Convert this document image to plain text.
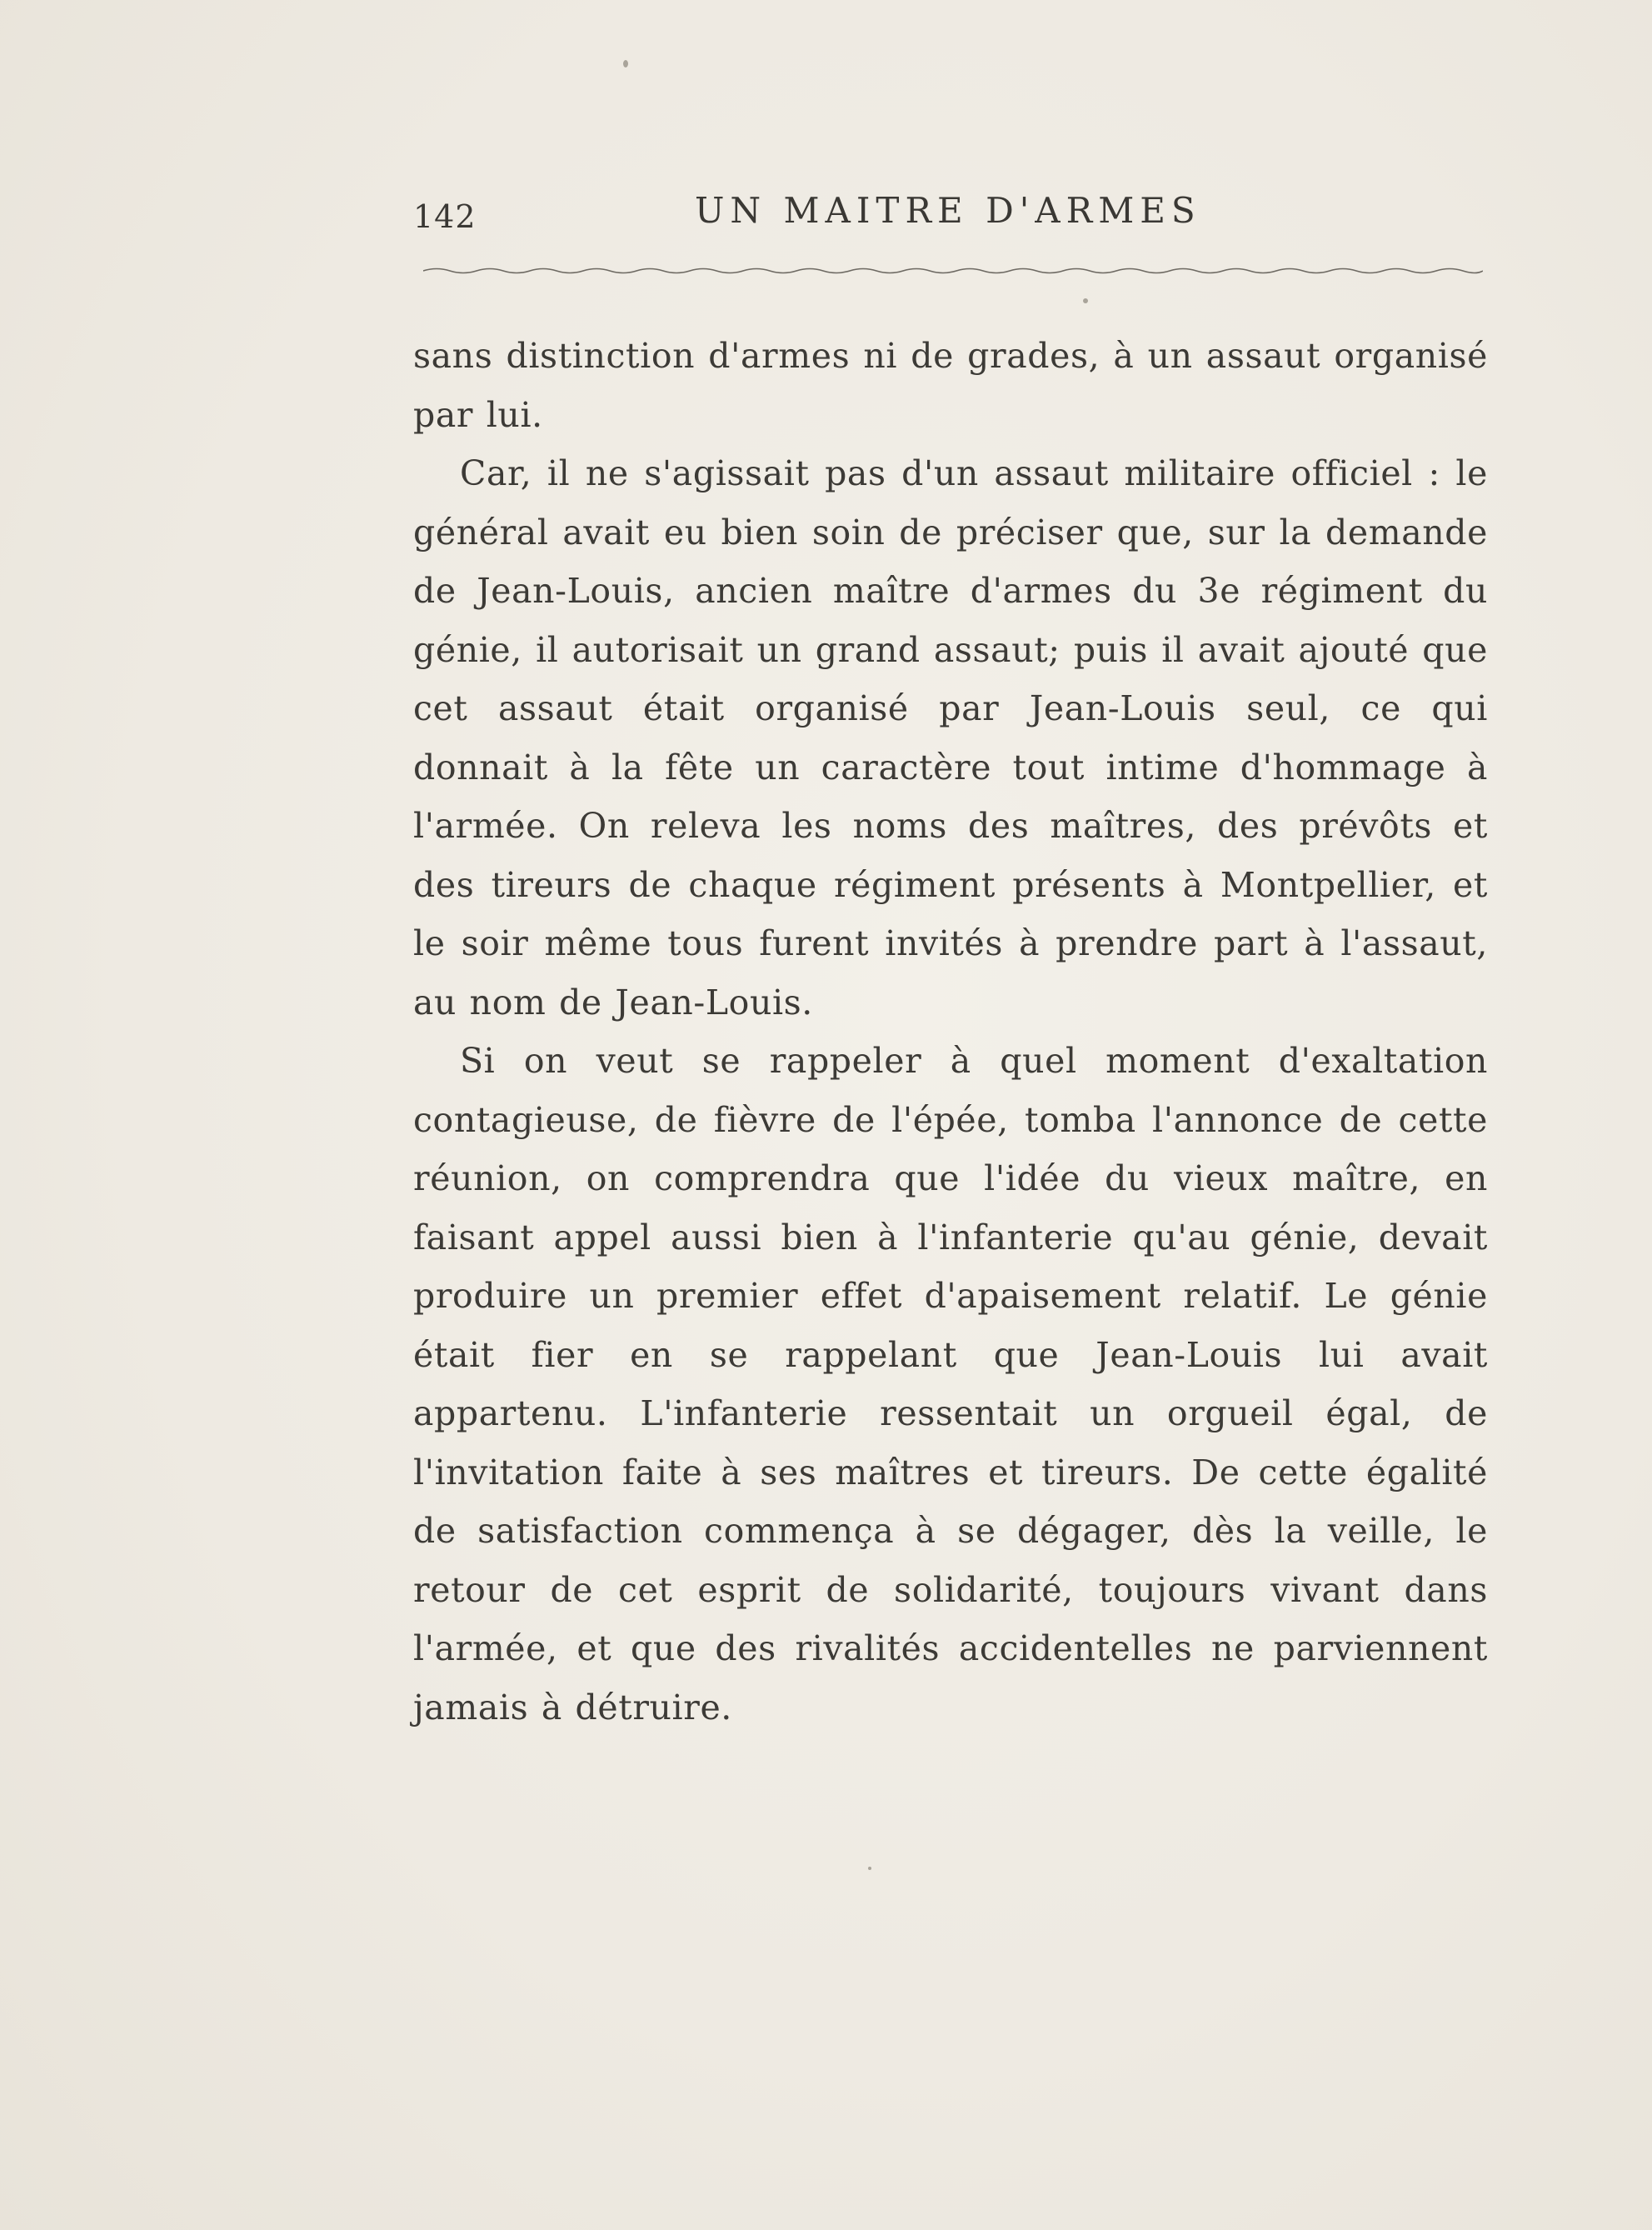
142	UN MAITRE D'ARMES

sans distinction d'armes ni de grades, à un assaut organisé par lui.

Car, il ne s'agissait pas d'un assaut militaire officiel : le général avait eu bien soin de préciser que, sur la demande de Jean-Louis, ancien maître d'armes du 3e régiment du génie, il autorisait un grand assaut; puis il avait ajouté que cet assaut était organisé par Jean-Louis seul, ce qui donnait à la fête un caractère tout intime d'hommage à l'armée. On releva les noms des maîtres, des prévôts et des tireurs de chaque régiment présents à Montpellier, et le soir même tous furent invités à prendre part à l'assaut, au nom de Jean-Louis.

Si on veut se rappeler à quel moment d'exaltation contagieuse, de fièvre de l'épée, tomba l'annonce de cette réunion, on comprendra que l'idée du vieux maître, en faisant appel aussi bien à l'infanterie qu'au génie, devait produire un premier effet d'apaisement relatif. Le génie était fier en se rappelant que Jean-Louis lui avait appartenu. L'infanterie ressentait un orgueil égal, de l'invitation faite à ses maîtres et tireurs. De cette égalité de satisfaction commença à se dégager, dès la veille, le retour de cet esprit de solidarité, toujours vivant dans l'armée, et que des rivalités accidentelles ne parviennent jamais à détruire.
